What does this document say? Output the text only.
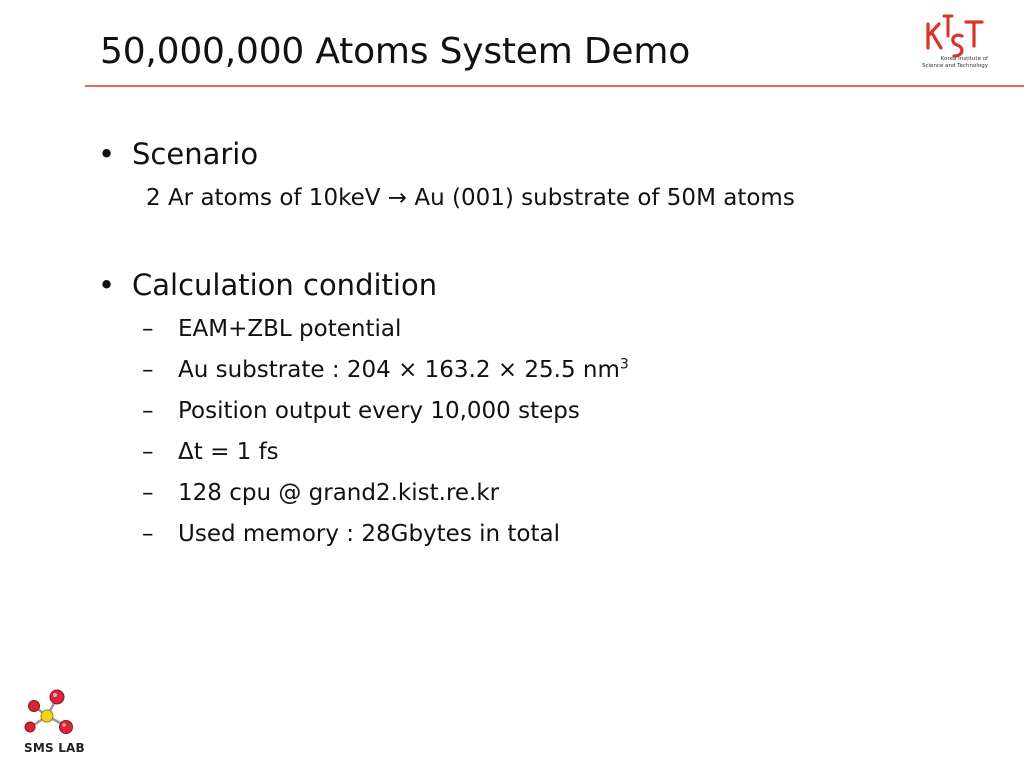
50,000,000 Atoms System Demo	Korea Institute of
Science and Technology
• Scenario
2 Ar atoms of 10keV → Au (001) substrate of 50M atoms
• Calculation condition
– EAM+ZBL potential
– Au substrate : 204 × 163.2 × 25.5 $nm^3$
– Position output every 10,000 steps
– Δt = 1 fs
– 128 cpu @ grand2.kist.re.kr
– Used memory : 28Gbytes in total
SMS LAB
